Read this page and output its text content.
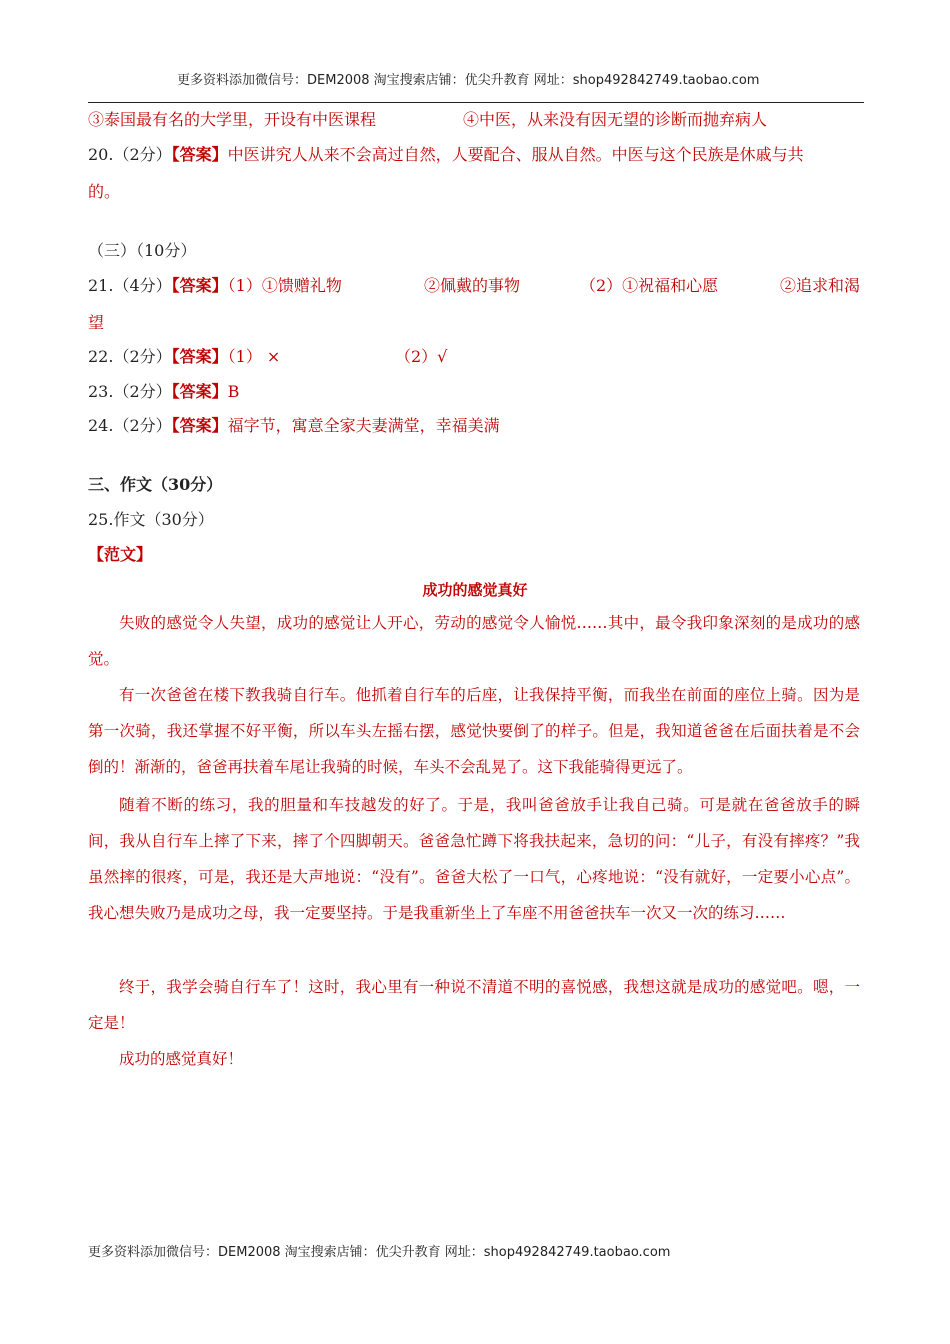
更多资料添加微信号：DEM2008 淘宝搜索店铺：优尖升教育 网址：shop492842749.taobao.com
③泰国最有名的大学里，开设有中医课程	④中医，从来没有因无望的诊断而抛弃病人
20.（2分）【答案】中医讲究人从来不会高过自然，人要配合、服从自然。中医与这个民族是休戚与共
的。
（三）（10分）
21.（4分）【答案】（1）①馈赠礼物	②佩戴的事物	（2）①祝福和心愿	②追求和渴
望
22.（2分）【答案】（1） ×	（2）√
23.（2分）【答案】B
24.（2分）【答案】福字节，寓意全家夫妻满堂，幸福美满
三、作文（30分）
25.作文（30分）
【范文】
成功的感觉真好
失败的感觉令人失望，成功的感觉让人开心，劳动的感觉令人愉悦……其中，最令我印象深刻的是成功的感觉。
有一次爸爸在楼下教我骑自行车。他抓着自行车的后座，让我保持平衡，而我坐在前面的座位上骑。因为是第一次骑，我还掌握不好平衡，所以车头左摇右摆，感觉快要倒了的样子。但是，我知道爸爸在后面扶着是不会倒的！渐渐的，爸爸再扶着车尾让我骑的时候，车头不会乱晃了。这下我能骑得更远了。
随着不断的练习，我的胆量和车技越发的好了。于是，我叫爸爸放手让我自己骑。可是就在爸爸放手的瞬间，我从自行车上摔了下来，摔了个四脚朝天。爸爸急忙蹲下将我扶起来，急切的问：“儿子，有没有摔疼？”我虽然摔的很疼，可是，我还是大声地说：“没有”。爸爸大松了一口气，心疼地说：“没有就好，一定要小心点”。我心想失败乃是成功之母，我一定要坚持。于是我重新坐上了车座不用爸爸扶车一次又一次的练习……
终于，我学会骑自行车了！这时，我心里有一种说不清道不明的喜悦感，我想这就是成功的感觉吧。嗯，一定是！
成功的感觉真好！
更多资料添加微信号：DEM2008 淘宝搜索店铺：优尖升教育 网址：shop492842749.taobao.com
